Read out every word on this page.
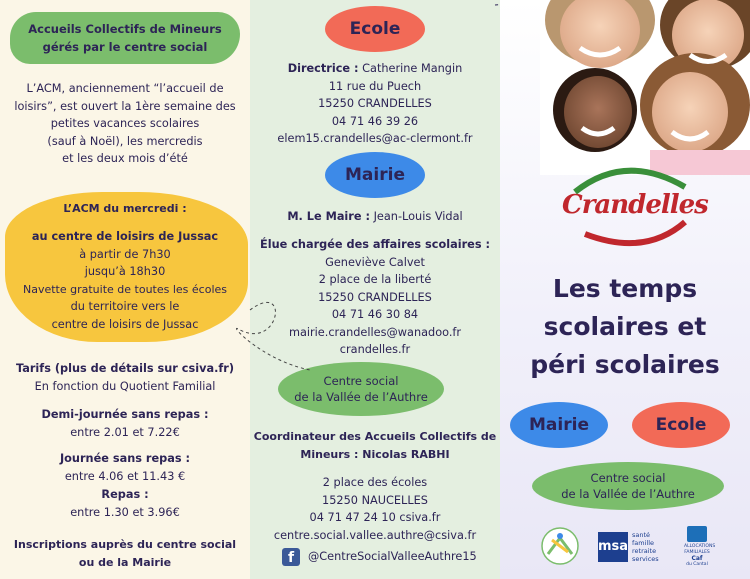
Accueils Collectifs de Mineurs gérés par le centre social
L’ACM, anciennement “l’accueil de
loisirs”, est ouvert la 1ère semaine des
petites vacances scolaires
(sauf à Noël), les mercredis
et les deux mois d’été
L’ACM du mercredi :
au centre de loisirs de Jussac
à partir de 7h30
jusqu’à 18h30
Navette gratuite de toutes les écoles
du territoire vers le
centre de loisirs de Jussac
Tarifs (plus de détails sur csiva.fr)
En fonction du Quotient Familial
Demi-journée sans repas :
entre 2.01 et 7.22€
Journée sans repas :
entre 4.06 et 11.43 €
Repas :
entre 1.30 et 3.96€
Inscriptions auprès du centre social
ou de la Mairie
Ecole
Directrice : Catherine Mangin
11 rue du Puech
15250 CRANDELLES
04 71 46 39 26
elem15.crandelles@ac-clermont.fr
Mairie
M. Le Maire : Jean-Louis Vidal
Élue chargée des affaires scolaires :
Geneviève Calvet
2 place de la liberté
15250 CRANDELLES
04 71 46 30 84
mairie.crandelles@wanadoo.fr
crandelles.fr
Centre social
de la Vallée de l’Authre
Coordinateur des Accueils Collectifs de
Mineurs : Nicolas RABHI
2 place des écoles
15250 NAUCELLES
04 71 47 24 10 csiva.fr
centre.social.vallee.authre@csiva.fr
f	@CentreSocialValleeAuthre15
Crandelles
Les temps
scolaires et
péri scolaires
Mairie	Ecole
Centre social
de la Vallée de l’Authre
msa
santé
famille
retraite
services
ALLOCATIONS
FAMILIALES
Caf
du Cantal
